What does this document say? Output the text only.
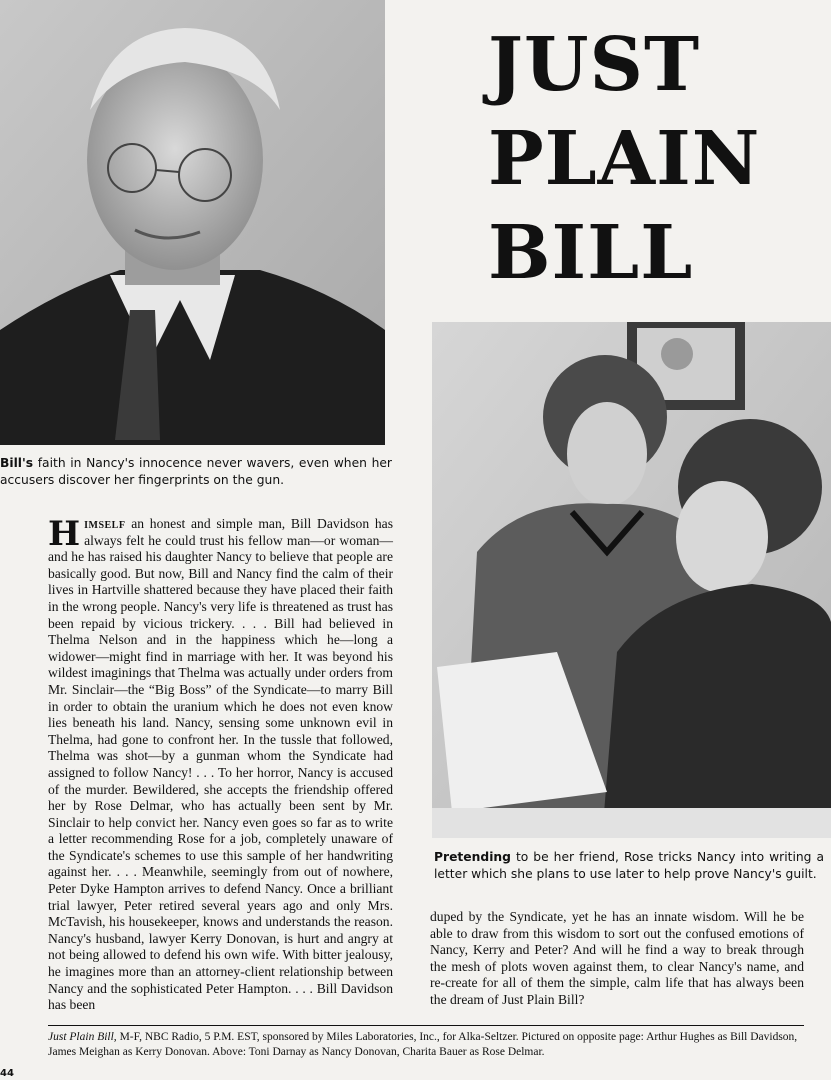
JUST
PLAIN
BILL
Bill's faith in Nancy's innocence never wavers, even when her accusers discover her fingerprints on the gun.
Pretending to be her friend, Rose tricks Nancy into writing a letter which she plans to use later to help prove Nancy's guilt.
Himself an honest and simple man, Bill Davidson has always felt he could trust his fellow man—or woman—and he has raised his daughter Nancy to believe that people are basically good. But now, Bill and Nancy find the calm of their lives in Hartville shattered because they have placed their faith in the wrong people. Nancy's very life is threatened as trust has been repaid by vicious trickery. . . . Bill had believed in Thelma Nelson and in the happiness which he—long a widower—might find in marriage with her. It was beyond his wildest imaginings that Thelma was actually under orders from Mr. Sinclair—the “Big Boss” of the Syndicate—to marry Bill in order to obtain the uranium which he does not even know lies beneath his land. Nancy, sensing some unknown evil in Thelma, had gone to confront her. In the tussle that followed, Thelma was shot—by a gunman whom the Syndicate had assigned to follow Nancy! . . . To her horror, Nancy is accused of the murder. Bewildered, she accepts the friendship offered her by Rose Delmar, who has actually been sent by Mr. Sinclair to help convict her. Nancy even goes so far as to write a letter recommending Rose for a job, completely unaware of the Syndicate's schemes to use this sample of her handwriting against her. . . . Meanwhile, seemingly from out of nowhere, Peter Dyke Hampton arrives to defend Nancy. Once a brilliant trial lawyer, Peter retired several years ago and only Mrs. McTavish, his housekeeper, knows and understands the reason. Nancy's husband, lawyer Kerry Donovan, is hurt and angry at not being allowed to defend his own wife. With bitter jealousy, he imagines more than an attorney-client relationship between Nancy and the sophisticated Peter Hampton. . . . Bill Davidson has been
duped by the Syndicate, yet he has an innate wisdom. Will he be able to draw from this wisdom to sort out the confused emotions of Nancy, Kerry and Peter? And will he find a way to break through the mesh of plots woven against them, to clear Nancy's name, and re-create for all of them the simple, calm life that has always been the dream of Just Plain Bill?
Just Plain Bill, M-F, NBC Radio, 5 P.M. EST, sponsored by Miles Laboratories, Inc., for Alka-Seltzer. Pictured on opposite page: Arthur Hughes as Bill Davidson, James Meighan as Kerry Donovan. Above: Toni Darnay as Nancy Donovan, Charita Bauer as Rose Delmar.
44
